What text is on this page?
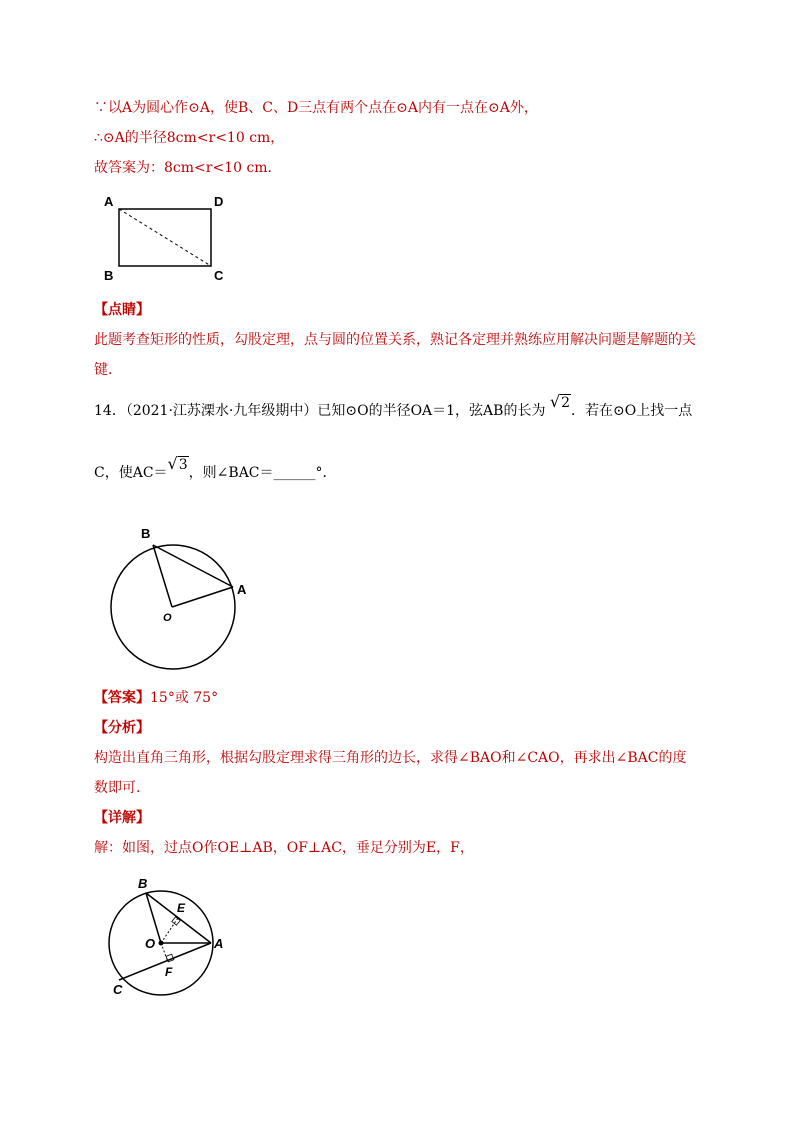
∵以A为圆心作⊙A，使B、C、D三点有两个点在⊙A内有一点在⊙A外，
∴⊙A的半径8cm<r<10 cm，
故答案为：8cm<r<10 cm．
A	D
B	C
【点睛】
此题考查矩形的性质，勾股定理，点与圆的位置关系，熟记各定理并熟练应用解决问题是解题的关
键．
14．（2021·江苏溧水·九年级期中）已知⊙O的半径OA＝1，弦AB的长为 √2．若在⊙O上找一点
C，使AC＝√3，则∠BAC＝______°．
B
A
O
【答案】15°或 75°
【分析】
构造出直角三角形，根据勾股定理求得三角形的边长，求得∠BAO和∠CAO，再求出∠BAC的度
数即可.
【详解】
解：如图，过点O作OE⊥AB，OF⊥AC，垂足分别为E，F，
B
E
O	A
F
C
